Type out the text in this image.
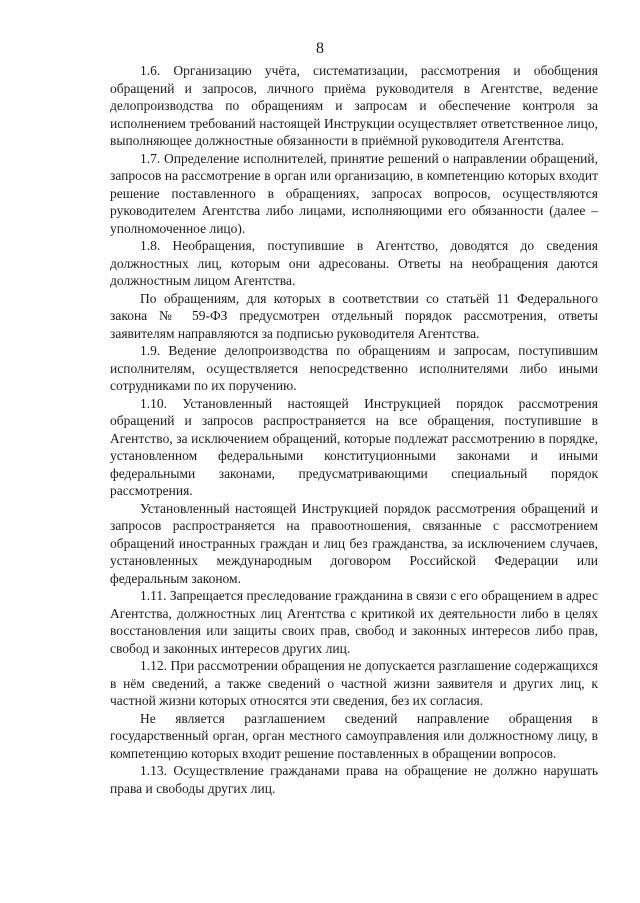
8

1.6. Организацию учёта, систематизации, рассмотрения и обобщения обращений и запросов, личного приёма руководителя в Агентстве, ведение делопроизводства по обращениям и запросам и обеспечение контроля за исполнением требований настоящей Инструкции осуществляет ответственное лицо, выполняющее должностные обязанности в приёмной руководителя Агентства.

1.7. Определение исполнителей, принятие решений о направлении обращений, запросов на рассмотрение в орган или организацию, в компетенцию которых входит решение поставленного в обращениях, запросах вопросов, осуществляются руководителем Агентства либо лицами, исполняющими его обязанности (далее – уполномоченное лицо).

1.8. Необращения, поступившие в Агентство, доводятся до сведения должностных лиц, которым они адресованы. Ответы на необращения даются должностным лицом Агентства.

По обращениям, для которых в соответствии со статьёй 11 Федерального закона № 59-ФЗ предусмотрен отдельный порядок рассмотрения, ответы заявителям направляются за подписью руководителя Агентства.

1.9. Ведение делопроизводства по обращениям и запросам, поступившим исполнителям, осуществляется непосредственно исполнителями либо иными сотрудниками по их поручению.

1.10. Установленный настоящей Инструкцией порядок рассмотрения обращений и запросов распространяется на все обращения, поступившие в Агентство, за исключением обращений, которые подлежат рассмотрению в порядке, установленном федеральными конституционными законами и иными федеральными законами, предусматривающими специальный порядок рассмотрения.

Установленный настоящей Инструкцией порядок рассмотрения обращений и запросов распространяется на правоотношения, связанные с рассмотрением обращений иностранных граждан и лиц без гражданства, за исключением случаев, установленных международным договором Российской Федерации или федеральным законом.

1.11. Запрещается преследование гражданина в связи с его обращением в адрес Агентства, должностных лиц Агентства с критикой их деятельности либо в целях восстановления или защиты своих прав, свобод и законных интересов либо прав, свобод и законных интересов других лиц.

1.12. При рассмотрении обращения не допускается разглашение содержащихся в нём сведений, а также сведений о частной жизни заявителя и других лиц, к частной жизни которых относятся эти сведения, без их согласия.

Не является разглашением сведений направление обращения в государственный орган, орган местного самоуправления или должностному лицу, в компетенцию которых входит решение поставленных в обращении вопросов.

1.13. Осуществление гражданами права на обращение не должно нарушать права и свободы других лиц.
